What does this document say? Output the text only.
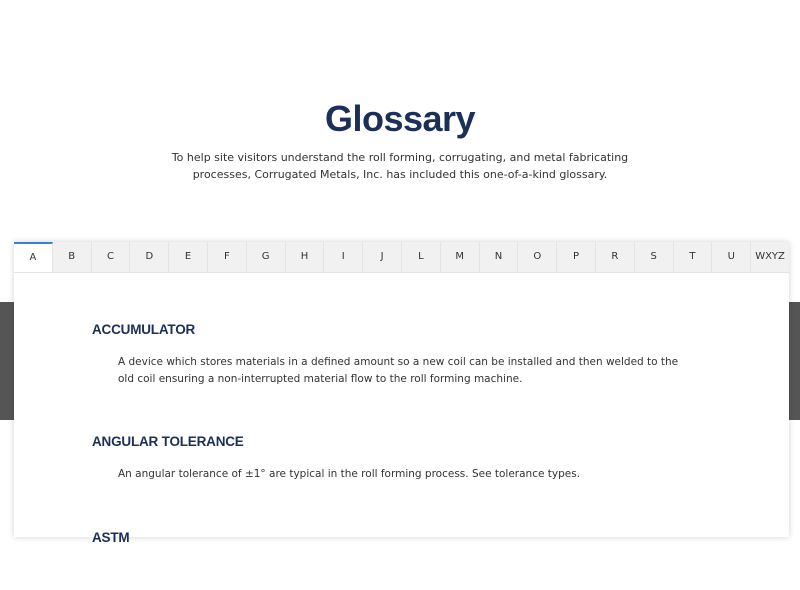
Glossary
To help site visitors understand the roll forming, corrugating, and metal fabricating processes, Corrugated Metals, Inc. has included this one-of-a-kind glossary.
A	B	C	D	E	F	G	H	I	J	L	M	N	O	P	R	S	T	U	WXYZ
ACCUMULATOR

A device which stores materials in a defined amount so a new coil can be installed and then welded to the old coil ensuring a non-interrupted material flow to the roll forming machine.

ANGULAR TOLERANCE

An angular tolerance of ±1° are typical in the roll forming process. See tolerance types.

ASTM
